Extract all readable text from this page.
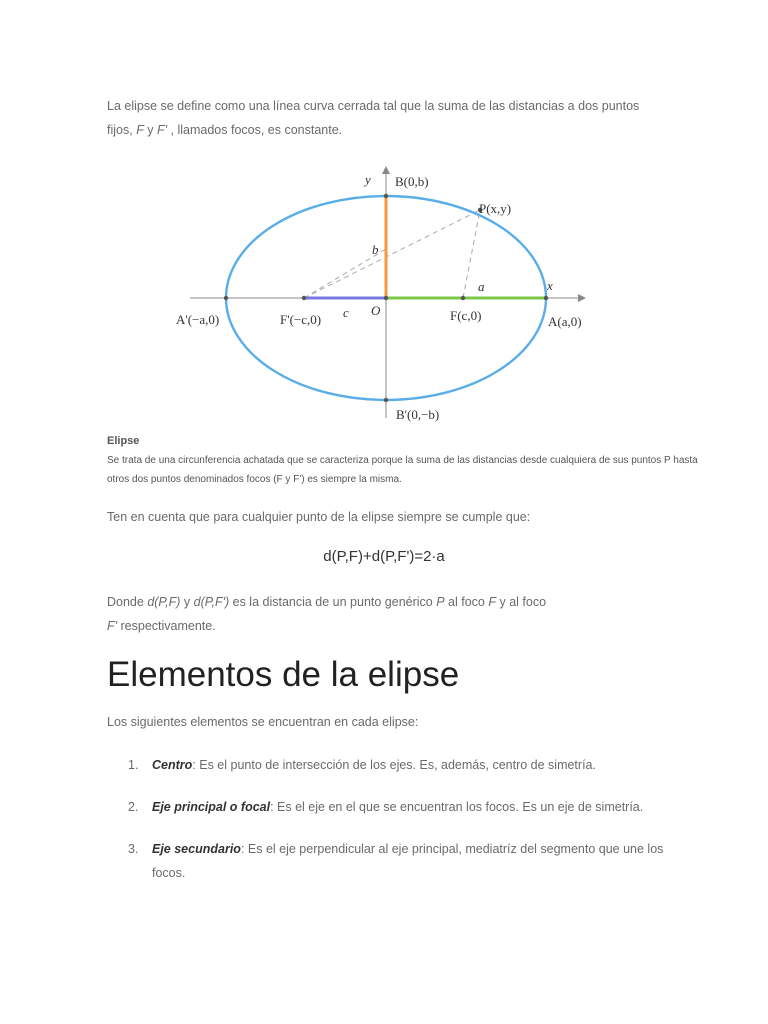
La elipse se define como una línea curva cerrada tal que la suma de las distancias a dos puntos fijos, F y F' , llamados focos, es constante.

y B(0,b)
P(x,y)
b
x
a
A'(−a,0)	F'(−c,0) c O	F(c,0)	A(a,0)
B'(0,−b)
Elipse
Se trata de una circunferencia achatada que se caracteriza porque la suma de las distancias desde cualquiera de sus puntos P hasta otros dos puntos denominados focos (F y F') es siempre la misma.

Ten en cuenta que para cualquier punto de la elipse siempre se cumple que:

d(P,F)+d(P,F')=2·a

Donde d(P,F) y d(P,F') es la distancia de un punto genérico P al foco F y al foco F' respectivamente.

Elementos de la elipse

Los siguientes elementos se encuentran en cada elipse:

1. Centro: Es el punto de intersección de los ejes. Es, además, centro de simetría.
2. Eje principal o focal: Es el eje en el que se encuentran los focos. Es un eje de simetría.
3. Eje secundario: Es el eje perpendicular al eje principal, mediatríz del segmento que une los focos.
